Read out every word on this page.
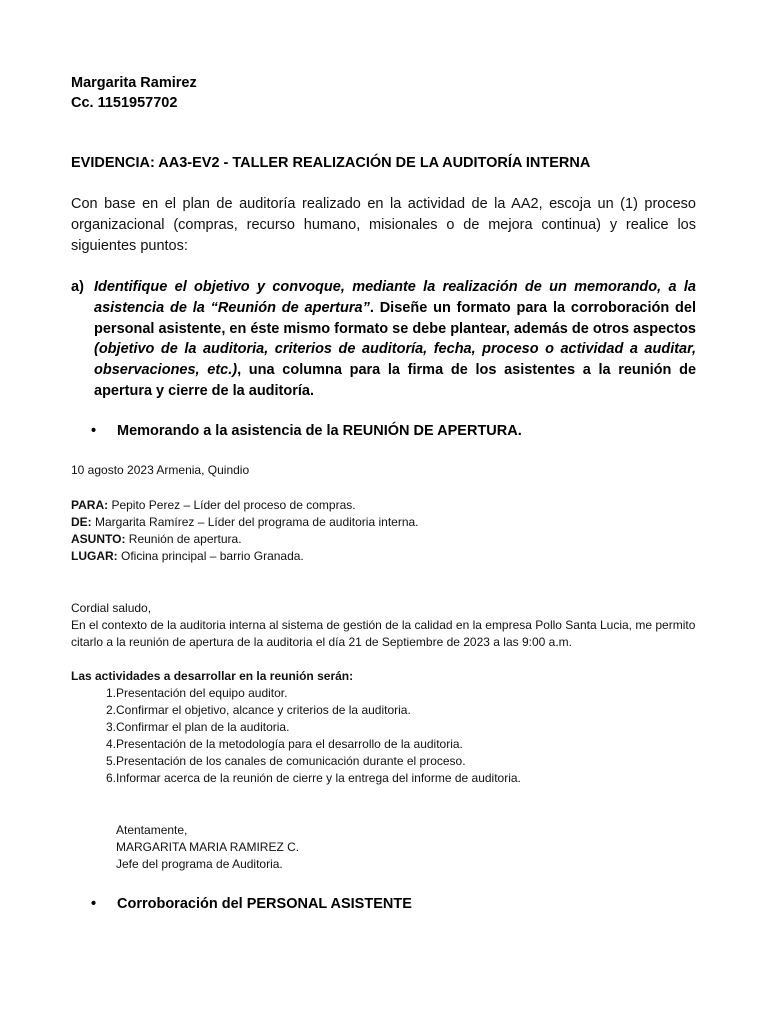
Margarita Ramirez
Cc. 1151957702
EVIDENCIA: AA3-EV2 - TALLER REALIZACIÓN DE LA AUDITORÍA INTERNA
Con base en el plan de auditoría realizado en la actividad de la AA2, escoja un (1) proceso organizacional (compras, recurso humano, misionales o de mejora continua) y realice los siguientes puntos:
a) Identifique el objetivo y convoque, mediante la realización de un memorando, a la asistencia de la “Reunión de apertura”. Diseñe un formato para la corroboración del personal asistente, en éste mismo formato se debe plantear, además de otros aspectos (objetivo de la auditoria, criterios de auditoría, fecha, proceso o actividad a auditar, observaciones, etc.), una columna para la firma de los asistentes a la reunión de apertura y cierre de la auditoría.
• Memorando a la asistencia de la REUNIÓN DE APERTURA.
10 agosto 2023 Armenia, Quindio
PARA: Pepito Perez – Líder del proceso de compras.
DE: Margarita Ramírez – Líder del programa de auditoria interna.
ASUNTO: Reunión de apertura.
LUGAR: Oficina principal – barrio Granada.
Cordial saludo,
En el contexto de la auditoria interna al sistema de gestión de la calidad en la empresa Pollo Santa Lucia, me permito citarlo a la reunión de apertura de la auditoria el día 21 de Septiembre de 2023 a las 9:00 a.m.
Las actividades a desarrollar en la reunión serán:
1. Presentación del equipo auditor.
2. Confirmar el objetivo, alcance y criterios de la auditoria.
3. Confirmar el plan de la auditoria.
4. Presentación de la metodología para el desarrollo de la auditoria.
5. Presentación de los canales de comunicación durante el proceso.
6. Informar acerca de la reunión de cierre y la entrega del informe de auditoria.
Atentamente,
MARGARITA MARIA RAMIREZ C.
Jefe del programa de Auditoria.
• Corroboración del PERSONAL ASISTENTE
